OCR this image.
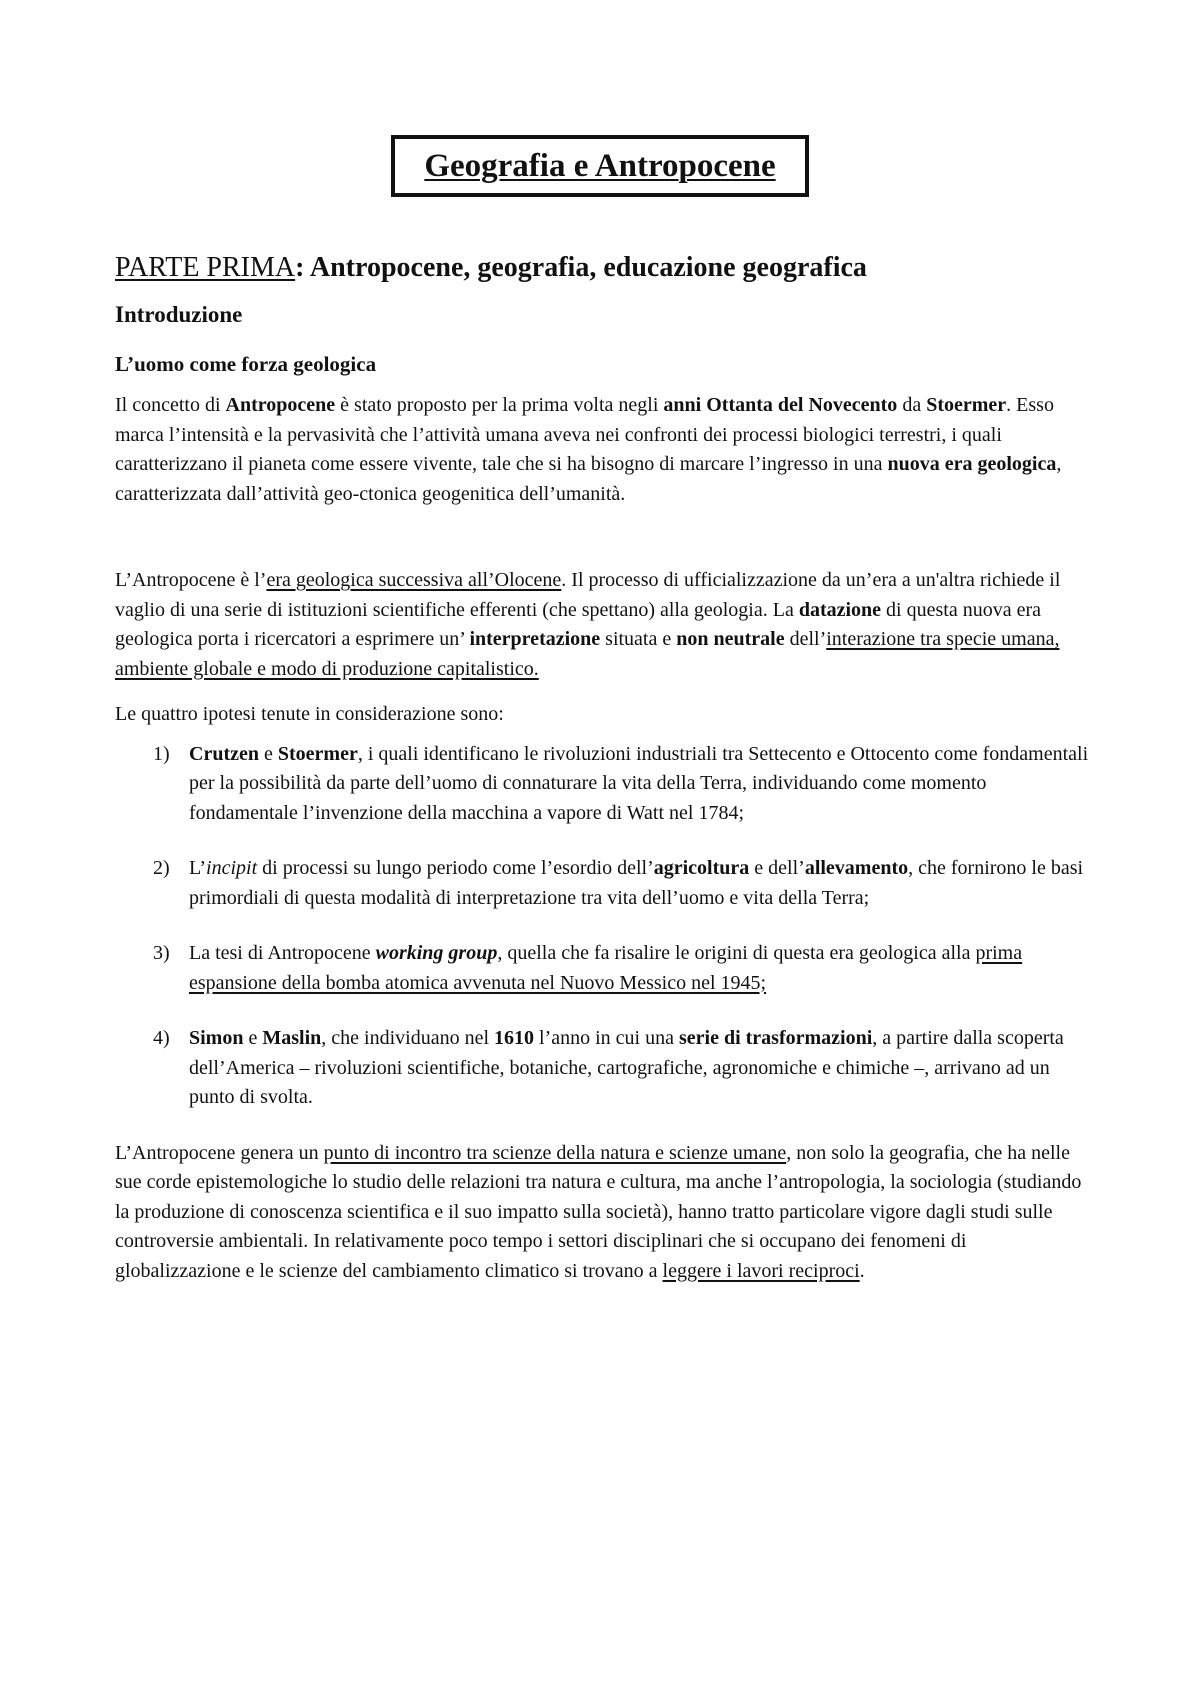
Geografia e Antropocene
PARTE PRIMA: Antropocene, geografia, educazione geografica
Introduzione
L’uomo come forza geologica

Il concetto di Antropocene è stato proposto per la prima volta negli anni Ottanta del Novecento da Stoermer. Esso marca l’intensità e la pervasività che l’attività umana aveva nei confronti dei processi biologici terrestri, i quali caratterizzano il pianeta come essere vivente, tale che si ha bisogno di marcare l’ingresso in una nuova era geologica, caratterizzata dall’attività geo-ctonica geogenitica dell’umanità.

L’Antropocene è l’era geologica successiva all’Olocene. Il processo di ufficializzazione da un’era a un'altra richiede il vaglio di una serie di istituzioni scientifiche efferenti (che spettano) alla geologia. La datazione di questa nuova era geologica porta i ricercatori a esprimere un’ interpretazione situata e non neutrale dell’interazione tra specie umana, ambiente globale e modo di produzione capitalistico.

Le quattro ipotesi tenute in considerazione sono:

1) Crutzen e Stoermer, i quali identificano le rivoluzioni industriali tra Settecento e Ottocento come fondamentali per la possibilità da parte dell’uomo di connaturare la vita della Terra, individuando come momento fondamentale l’invenzione della macchina a vapore di Watt nel 1784;
2) L’incipit di processi su lungo periodo come l’esordio dell’agricoltura e dell’allevamento, che fornirono le basi primordiali di questa modalità di interpretazione tra vita dell’uomo e vita della Terra;
3) La tesi di Antropocene working group, quella che fa risalire le origini di questa era geologica alla prima espansione della bomba atomica avvenuta nel Nuovo Messico nel 1945;
4) Simon e Maslin, che individuano nel 1610 l’anno in cui una serie di trasformazioni, a partire dalla scoperta dell’America – rivoluzioni scientifiche, botaniche, cartografiche, agronomiche e chimiche –, arrivano ad un punto di svolta.

L’Antropocene genera un punto di incontro tra scienze della natura e scienze umane, non solo la geografia, che ha nelle sue corde epistemologiche lo studio delle relazioni tra natura e cultura, ma anche l’antropologia, la sociologia (studiando la produzione di conoscenza scientifica e il suo impatto sulla società), hanno tratto particolare vigore dagli studi sulle controversie ambientali. In relativamente poco tempo i settori disciplinari che si occupano dei fenomeni di globalizzazione e le scienze del cambiamento climatico si trovano a leggere i lavori reciproci.
